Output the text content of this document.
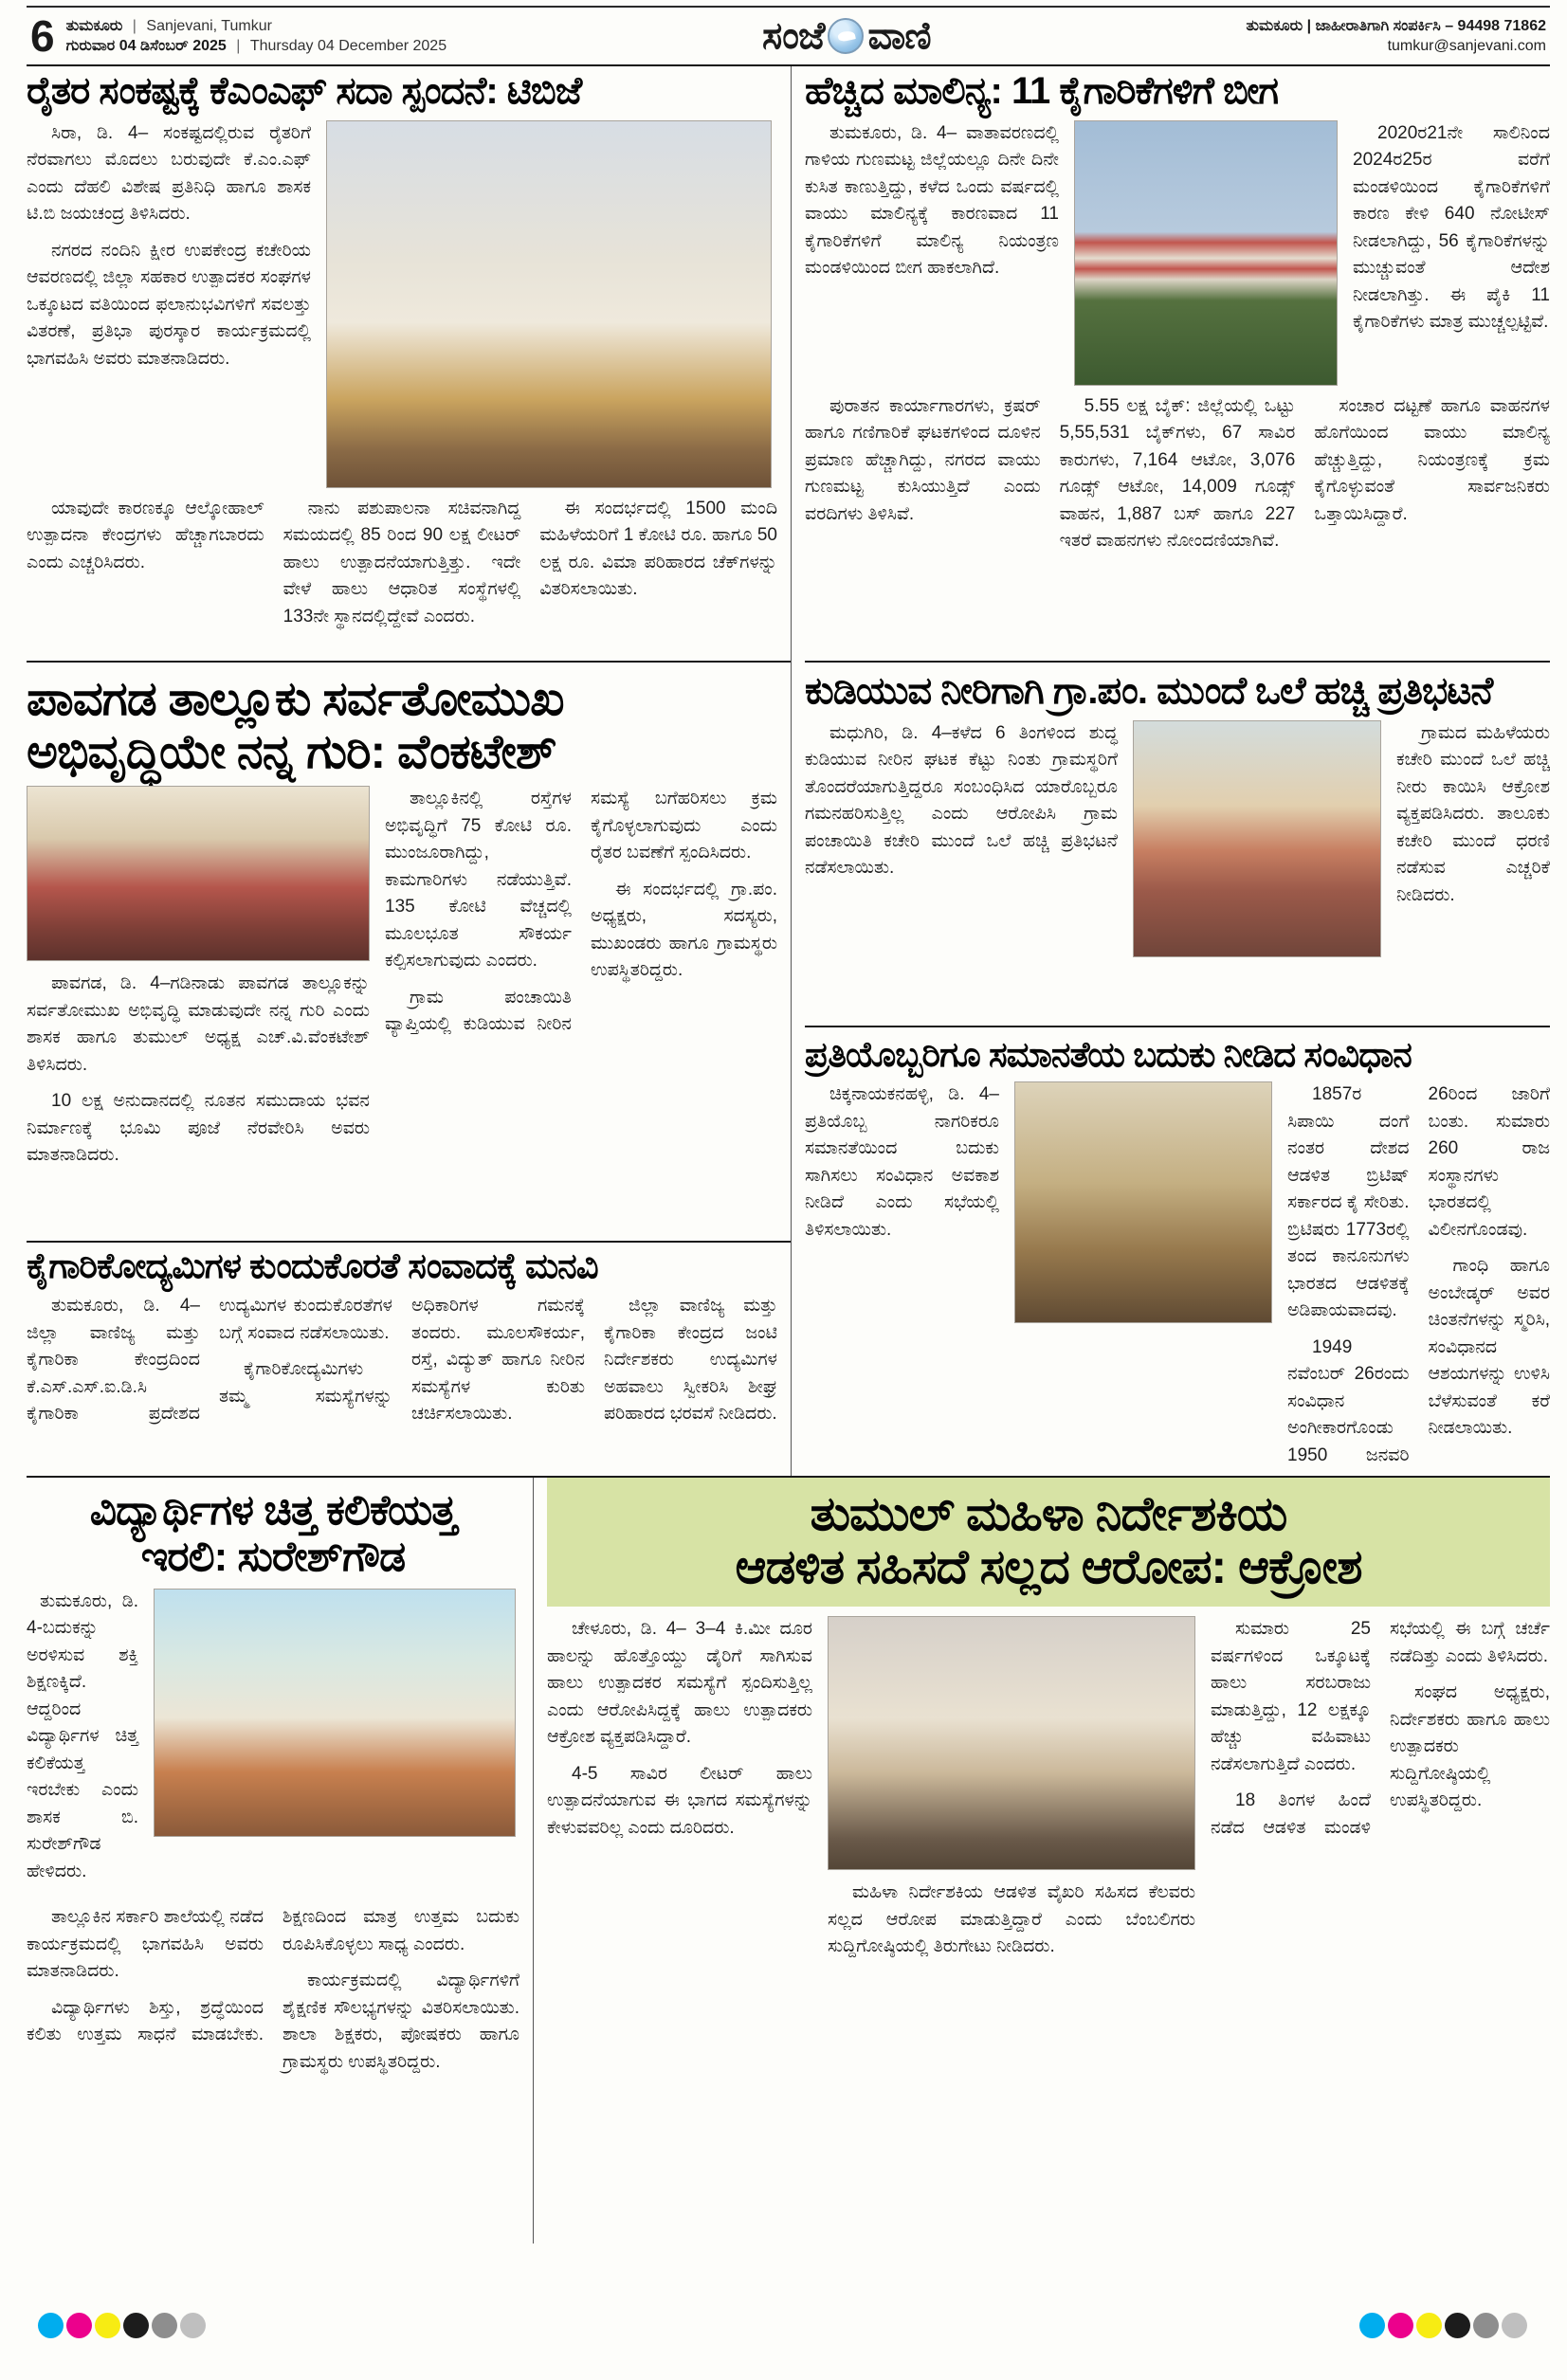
6 ತುಮಕೂರು | Sanjevani, Tumkur
ಗುರುವಾರ 04 ಡಿಸೆಂಬರ್ 2025 | Thursday 04 December 2025	ಸಂಜೆ ವಾಣಿ	ತುಮಕೂರು | ಜಾಹೀರಾತಿಗಾಗಿ ಸಂಪರ್ಕಿಸಿ – 94498 71862
tumkur@sanjevani.com
ರೈತರ ಸಂಕಷ್ಟಕ್ಕೆ ಕೆಎಂಎಫ್ ಸದಾ ಸ್ಪಂದನೆ: ಟಿಬಿಜೆ

ಸಿರಾ, ಡಿ. 4– ಸಂಕಷ್ಟದಲ್ಲಿರುವ ರೈತರಿಗೆ ನೆರವಾಗಲು ಮೊದಲು ಬರುವುದೇ ಕೆ.ಎಂ.ಎಫ್ ಎಂದು ದೆಹಲಿ ವಿಶೇಷ ಪ್ರತಿನಿಧಿ ಹಾಗೂ ಶಾಸಕ ಟಿ.ಬಿ ಜಯಚಂದ್ರ ತಿಳಿಸಿದರು.

ನಗರದ ನಂದಿನಿ ಕ್ಷೀರ ಉಪಕೇಂದ್ರ ಕಚೇರಿಯ ಆವರಣದಲ್ಲಿ ಜಿಲ್ಲಾ ಸಹಕಾರ ಉತ್ಪಾದಕರ ಸಂಘಗಳ ಒಕ್ಕೂಟದ ವತಿಯಿಂದ ಫಲಾನುಭವಿಗಳಿಗೆ ಸವಲತ್ತು ವಿತರಣೆ, ಪ್ರತಿಭಾ ಪುರಸ್ಕಾರ ಕಾರ್ಯಕ್ರಮದಲ್ಲಿ ಭಾಗವಹಿಸಿ ಅವರು ಮಾತನಾಡಿದರು.

ಯಾವುದೇ ಕಾರಣಕ್ಕೂ ಆಲ್ಕೋಹಾಲ್ ಉತ್ಪಾದನಾ ಕೇಂದ್ರಗಳು ಹೆಚ್ಚಾಗಬಾರದು ಎಂದು ಎಚ್ಚರಿಸಿದರು.

ನಾನು ಪಶುಪಾಲನಾ ಸಚಿವನಾಗಿದ್ದ ಸಮಯದಲ್ಲಿ 85 ರಿಂದ 90 ಲಕ್ಷ ಲೀಟರ್ ಹಾಲು ಉತ್ಪಾದನೆಯಾಗುತ್ತಿತ್ತು. ಇದೇ ವೇಳೆ ಹಾಲು ಆಧಾರಿತ ಸಂಸ್ಥೆಗಳಲ್ಲಿ 133ನೇ ಸ್ಥಾನದಲ್ಲಿದ್ದೇವೆ ಎಂದರು.

ಈ ಸಂದರ್ಭದಲ್ಲಿ 1500 ಮಂದಿ ಮಹಿಳೆಯರಿಗೆ 1 ಕೋಟಿ ರೂ. ಹಾಗೂ 50 ಲಕ್ಷ ರೂ. ವಿಮಾ ಪರಿಹಾರದ ಚೆಕ್‌ಗಳನ್ನು ವಿತರಿಸಲಾಯಿತು.

ಹೆಚ್ಚಿದ ಮಾಲಿನ್ಯ: 11 ಕೈಗಾರಿಕೆಗಳಿಗೆ ಬೀಗ

ತುಮಕೂರು, ಡಿ. 4– ವಾತಾವರಣದಲ್ಲಿ ಗಾಳಿಯ ಗುಣಮಟ್ಟ ಜಿಲ್ಲೆಯಲ್ಲೂ ದಿನೇ ದಿನೇ ಕುಸಿತ ಕಾಣುತ್ತಿದ್ದು, ಕಳೆದ ಒಂದು ವರ್ಷದಲ್ಲಿ ವಾಯು ಮಾಲಿನ್ಯಕ್ಕೆ ಕಾರಣವಾದ 11 ಕೈಗಾರಿಕೆಗಳಿಗೆ ಮಾಲಿನ್ಯ ನಿಯಂತ್ರಣ ಮಂಡಳಿಯಿಂದ ಬೀಗ ಹಾಕಲಾಗಿದೆ.

2020ರ21ನೇ ಸಾಲಿನಿಂದ 2024ರ25ರ ವರೆಗೆ ಮಂಡಳಿಯಿಂದ ಕೈಗಾರಿಕೆಗಳಿಗೆ ಕಾರಣ ಕೇಳಿ 640 ನೋಟೀಸ್ ನೀಡಲಾಗಿದ್ದು, 56 ಕೈಗಾರಿಕೆಗಳನ್ನು ಮುಚ್ಚುವಂತೆ ಆದೇಶ ನೀಡಲಾಗಿತ್ತು. ಈ ಪೈಕಿ 11 ಕೈಗಾರಿಕೆಗಳು ಮಾತ್ರ ಮುಚ್ಚಲ್ಪಟ್ಟಿವೆ.

ಪುರಾತನ ಕಾರ್ಯಾಗಾರಗಳು, ಕ್ರಷರ್ ಹಾಗೂ ಗಣಿಗಾರಿಕೆ ಘಟಕಗಳಿಂದ ದೂಳಿನ ಪ್ರಮಾಣ ಹೆಚ್ಚಾಗಿದ್ದು, ನಗರದ ವಾಯು ಗುಣಮಟ್ಟ ಕುಸಿಯುತ್ತಿದೆ ಎಂದು ವರದಿಗಳು ತಿಳಿಸಿವೆ.

5.55 ಲಕ್ಷ ಬೈಕ್: ಜಿಲ್ಲೆಯಲ್ಲಿ ಒಟ್ಟು 5,55,531 ಬೈಕ್‌ಗಳು, 67 ಸಾವಿರ ಕಾರುಗಳು, 7,164 ಆಟೋ, 3,076 ಗೂಡ್ಸ್ ಆಟೋ, 14,009 ಗೂಡ್ಸ್ ವಾಹನ, 1,887 ಬಸ್ ಹಾಗೂ 227 ಇತರೆ ವಾಹನಗಳು ನೋಂದಣಿಯಾಗಿವೆ.

ಸಂಚಾರ ದಟ್ಟಣೆ ಹಾಗೂ ವಾಹನಗಳ ಹೊಗೆಯಿಂದ ವಾಯು ಮಾಲಿನ್ಯ ಹೆಚ್ಚುತ್ತಿದ್ದು, ನಿಯಂತ್ರಣಕ್ಕೆ ಕ್ರಮ ಕೈಗೊಳ್ಳುವಂತೆ ಸಾರ್ವಜನಿಕರು ಒತ್ತಾಯಿಸಿದ್ದಾರೆ.

ಪಾವಗಡ ತಾಲ್ಲೂಕು ಸರ್ವತೋಮುಖ
ಅಭಿವೃದ್ಧಿಯೇ ನನ್ನ ಗುರಿ: ವೆಂಕಟೇಶ್

ಪಾವಗಡ, ಡಿ. 4–ಗಡಿನಾಡು ಪಾವಗಡ ತಾಲ್ಲೂಕನ್ನು ಸರ್ವತೋಮುಖ ಅಭಿವೃದ್ಧಿ ಮಾಡುವುದೇ ನನ್ನ ಗುರಿ ಎಂದು ಶಾಸಕ ಹಾಗೂ ತುಮುಲ್ ಅಧ್ಯಕ್ಷ ಎಚ್.ವಿ.ವೆಂಕಟೇಶ್ ತಿಳಿಸಿದರು.

10 ಲಕ್ಷ ಅನುದಾನದಲ್ಲಿ ನೂತನ ಸಮುದಾಯ ಭವನ ನಿರ್ಮಾಣಕ್ಕೆ ಭೂಮಿ ಪೂಜೆ ನೆರವೇರಿಸಿ ಅವರು ಮಾತನಾಡಿದರು.

ತಾಲ್ಲೂಕಿನಲ್ಲಿ ರಸ್ತೆಗಳ ಅಭಿವೃದ್ಧಿಗೆ 75 ಕೋಟಿ ರೂ. ಮುಂಜೂರಾಗಿದ್ದು, ಕಾಮಗಾರಿಗಳು ನಡೆಯುತ್ತಿವೆ. 135 ಕೋಟಿ ವೆಚ್ಚದಲ್ಲಿ ಮೂಲಭೂತ ಸೌಕರ್ಯ ಕಲ್ಪಿಸಲಾಗುವುದು ಎಂದರು.

ಗ್ರಾಮ ಪಂಚಾಯಿತಿ ವ್ಯಾಪ್ತಿಯಲ್ಲಿ ಕುಡಿಯುವ ನೀರಿನ ಸಮಸ್ಯೆ ಬಗೆಹರಿಸಲು ಕ್ರಮ ಕೈಗೊಳ್ಳಲಾಗುವುದು ಎಂದು ರೈತರ ಬವಣೆಗೆ ಸ್ಪಂದಿಸಿದರು.

ಈ ಸಂದರ್ಭದಲ್ಲಿ ಗ್ರಾ.ಪಂ. ಅಧ್ಯಕ್ಷರು, ಸದಸ್ಯರು, ಮುಖಂಡರು ಹಾಗೂ ಗ್ರಾಮಸ್ಥರು ಉಪಸ್ಥಿತರಿದ್ದರು.

ಕೈಗಾರಿಕೋದ್ಯಮಿಗಳ ಕುಂದುಕೊರತೆ ಸಂವಾದಕ್ಕೆ ಮನವಿ

ತುಮಕೂರು, ಡಿ. 4– ಜಿಲ್ಲಾ ವಾಣಿಜ್ಯ ಮತ್ತು ಕೈಗಾರಿಕಾ ಕೇಂದ್ರದಿಂದ ಕೆ.ಎಸ್.ಎಸ್.ಐ.ಡಿ.ಸಿ ಕೈಗಾರಿಕಾ ಪ್ರದೇಶದ ಉದ್ಯಮಿಗಳ ಕುಂದುಕೊರತೆಗಳ ಬಗ್ಗೆ ಸಂವಾದ ನಡೆಸಲಾಯಿತು.

ಕೈಗಾರಿಕೋದ್ಯಮಿಗಳು ತಮ್ಮ ಸಮಸ್ಯೆಗಳನ್ನು ಅಧಿಕಾರಿಗಳ ಗಮನಕ್ಕೆ ತಂದರು. ಮೂಲಸೌಕರ್ಯ, ರಸ್ತೆ, ವಿದ್ಯುತ್ ಹಾಗೂ ನೀರಿನ ಸಮಸ್ಯೆಗಳ ಕುರಿತು ಚರ್ಚಿಸಲಾಯಿತು.

ಜಿಲ್ಲಾ ವಾಣಿಜ್ಯ ಮತ್ತು ಕೈಗಾರಿಕಾ ಕೇಂದ್ರದ ಜಂಟಿ ನಿರ್ದೇಶಕರು ಉದ್ಯಮಿಗಳ ಅಹವಾಲು ಸ್ವೀಕರಿಸಿ ಶೀಘ್ರ ಪರಿಹಾರದ ಭರವಸೆ ನೀಡಿದರು.

ಕುಡಿಯುವ ನೀರಿಗಾಗಿ ಗ್ರಾ.ಪಂ. ಮುಂದೆ ಒಲೆ ಹಚ್ಚಿ ಪ್ರತಿಭಟನೆ

ಮಧುಗಿರಿ, ಡಿ. 4–ಕಳೆದ 6 ತಿಂಗಳಿಂದ ಶುದ್ಧ ಕುಡಿಯುವ ನೀರಿನ ಘಟಕ ಕೆಟ್ಟು ನಿಂತು ಗ್ರಾಮಸ್ಥರಿಗೆ ತೊಂದರೆಯಾಗುತ್ತಿದ್ದರೂ ಸಂಬಂಧಿಸಿದ ಯಾರೊಬ್ಬರೂ ಗಮನಹರಿಸುತ್ತಿಲ್ಲ ಎಂದು ಆರೋಪಿಸಿ ಗ್ರಾಮ ಪಂಚಾಯಿತಿ ಕಚೇರಿ ಮುಂದೆ ಒಲೆ ಹಚ್ಚಿ ಪ್ರತಿಭಟನೆ ನಡೆಸಲಾಯಿತು.

ಗ್ರಾಮದ ಮಹಿಳೆಯರು ಕಚೇರಿ ಮುಂದೆ ಒಲೆ ಹಚ್ಚಿ ನೀರು ಕಾಯಿಸಿ ಆಕ್ರೋಶ ವ್ಯಕ್ತಪಡಿಸಿದರು. ತಾಲೂಕು ಕಚೇರಿ ಮುಂದೆ ಧರಣಿ ನಡೆಸುವ ಎಚ್ಚರಿಕೆ ನೀಡಿದರು.

ಪ್ರತಿಯೊಬ್ಬರಿಗೂ ಸಮಾನತೆಯ ಬದುಕು ನೀಡಿದ ಸಂವಿಧಾನ

ಚಿಕ್ಕನಾಯಕನಹಳ್ಳಿ, ಡಿ. 4– ಪ್ರತಿಯೊಬ್ಬ ನಾಗರಿಕರೂ ಸಮಾನತೆಯಿಂದ ಬದುಕು ಸಾಗಿಸಲು ಸಂವಿಧಾನ ಅವಕಾಶ ನೀಡಿದೆ ಎಂದು ಸಭೆಯಲ್ಲಿ ತಿಳಿಸಲಾಯಿತು.

1857ರ ಸಿಪಾಯಿ ದಂಗೆ ನಂತರ ದೇಶದ ಆಡಳಿತ ಬ್ರಿಟಿಷ್ ಸರ್ಕಾರದ ಕೈ ಸೇರಿತು. ಬ್ರಿಟಿಷರು 1773ರಲ್ಲಿ ತಂದ ಕಾನೂನುಗಳು ಭಾರತದ ಆಡಳಿತಕ್ಕೆ ಅಡಿಪಾಯವಾದವು.

1949 ನವೆಂಬರ್ 26ರಂದು ಸಂವಿಧಾನ ಅಂಗೀಕಾರಗೊಂಡು 1950 ಜನವರಿ 26ರಿಂದ ಜಾರಿಗೆ ಬಂತು. ಸುಮಾರು 260 ರಾಜ ಸಂಸ್ಥಾನಗಳು ಭಾರತದಲ್ಲಿ ವಿಲೀನಗೊಂಡವು.

ಗಾಂಧಿ ಹಾಗೂ ಅಂಬೇಡ್ಕರ್ ಅವರ ಚಿಂತನೆಗಳನ್ನು ಸ್ಮರಿಸಿ, ಸಂವಿಧಾನದ ಆಶಯಗಳನ್ನು ಉಳಿಸಿ ಬೆಳೆಸುವಂತೆ ಕರೆ ನೀಡಲಾಯಿತು.

ವಿದ್ಯಾರ್ಥಿಗಳ ಚಿತ್ತ ಕಲಿಕೆಯತ್ತ
ಇರಲಿ: ಸುರೇಶ್‌ಗೌಡ

ತುಮಕೂರು, ಡಿ. 4-ಬದುಕನ್ನು ಅರಳಿಸುವ ಶಕ್ತಿ ಶಿಕ್ಷಣಕ್ಕಿದೆ. ಆದ್ದರಿಂದ ವಿದ್ಯಾರ್ಥಿಗಳ ಚಿತ್ತ ಕಲಿಕೆಯತ್ತ ಇರಬೇಕು ಎಂದು ಶಾಸಕ ಬಿ. ಸುರೇಶ್‌ಗೌಡ ಹೇಳಿದರು.

ತಾಲ್ಲೂಕಿನ ಸರ್ಕಾರಿ ಶಾಲೆಯಲ್ಲಿ ನಡೆದ ಕಾರ್ಯಕ್ರಮದಲ್ಲಿ ಭಾಗವಹಿಸಿ ಅವರು ಮಾತನಾಡಿದರು.

ವಿದ್ಯಾರ್ಥಿಗಳು ಶಿಸ್ತು, ಶ್ರದ್ಧೆಯಿಂದ ಕಲಿತು ಉತ್ತಮ ಸಾಧನೆ ಮಾಡಬೇಕು. ಶಿಕ್ಷಣದಿಂದ ಮಾತ್ರ ಉತ್ತಮ ಬದುಕು ರೂಪಿಸಿಕೊಳ್ಳಲು ಸಾಧ್ಯ ಎಂದರು.

ಕಾರ್ಯಕ್ರಮದಲ್ಲಿ ವಿದ್ಯಾರ್ಥಿಗಳಿಗೆ ಶೈಕ್ಷಣಿಕ ಸೌಲಭ್ಯಗಳನ್ನು ವಿತರಿಸಲಾಯಿತು. ಶಾಲಾ ಶಿಕ್ಷಕರು, ಪೋಷಕರು ಹಾಗೂ ಗ್ರಾಮಸ್ಥರು ಉಪಸ್ಥಿತರಿದ್ದರು.

ತುಮುಲ್ ಮಹಿಳಾ ನಿರ್ದೇಶಕಿಯ
ಆಡಳಿತ ಸಹಿಸದೆ ಸಲ್ಲದ ಆರೋಪ: ಆಕ್ರೋಶ

ಚೇಳೂರು, ಡಿ. 4– 3–4 ಕಿ.ಮೀ ದೂರ ಹಾಲನ್ನು ಹೊತ್ತೊಯ್ದು ಡೈರಿಗೆ ಸಾಗಿಸುವ ಹಾಲು ಉತ್ಪಾದಕರ ಸಮಸ್ಯೆಗೆ ಸ್ಪಂದಿಸುತ್ತಿಲ್ಲ ಎಂದು ಆರೋಪಿಸಿದ್ದಕ್ಕೆ ಹಾಲು ಉತ್ಪಾದಕರು ಆಕ್ರೋಶ ವ್ಯಕ್ತಪಡಿಸಿದ್ದಾರೆ.

4-5 ಸಾವಿರ ಲೀಟರ್ ಹಾಲು ಉತ್ಪಾದನೆಯಾಗುವ ಈ ಭಾಗದ ಸಮಸ್ಯೆಗಳನ್ನು ಕೇಳುವವರಿಲ್ಲ ಎಂದು ದೂರಿದರು.

ಮಹಿಳಾ ನಿರ್ದೇಶಕಿಯ ಆಡಳಿತ ವೈಖರಿ ಸಹಿಸದ ಕೆಲವರು ಸಲ್ಲದ ಆರೋಪ ಮಾಡುತ್ತಿದ್ದಾರೆ ಎಂದು ಬೆಂಬಲಿಗರು ಸುದ್ದಿಗೋಷ್ಠಿಯಲ್ಲಿ ತಿರುಗೇಟು ನೀಡಿದರು.

ಸುಮಾರು 25 ವರ್ಷಗಳಿಂದ ಒಕ್ಕೂಟಕ್ಕೆ ಹಾಲು ಸರಬರಾಜು ಮಾಡುತ್ತಿದ್ದು, 12 ಲಕ್ಷಕ್ಕೂ ಹೆಚ್ಚು ವಹಿವಾಟು ನಡೆಸಲಾಗುತ್ತಿದೆ ಎಂದರು.

18 ತಿಂಗಳ ಹಿಂದೆ ನಡೆದ ಆಡಳಿತ ಮಂಡಳಿ ಸಭೆಯಲ್ಲಿ ಈ ಬಗ್ಗೆ ಚರ್ಚೆ ನಡೆದಿತ್ತು ಎಂದು ತಿಳಿಸಿದರು.

ಸಂಘದ ಅಧ್ಯಕ್ಷರು, ನಿರ್ದೇಶಕರು ಹಾಗೂ ಹಾಲು ಉತ್ಪಾದಕರು ಸುದ್ದಿಗೋಷ್ಠಿಯಲ್ಲಿ ಉಪಸ್ಥಿತರಿದ್ದರು.
